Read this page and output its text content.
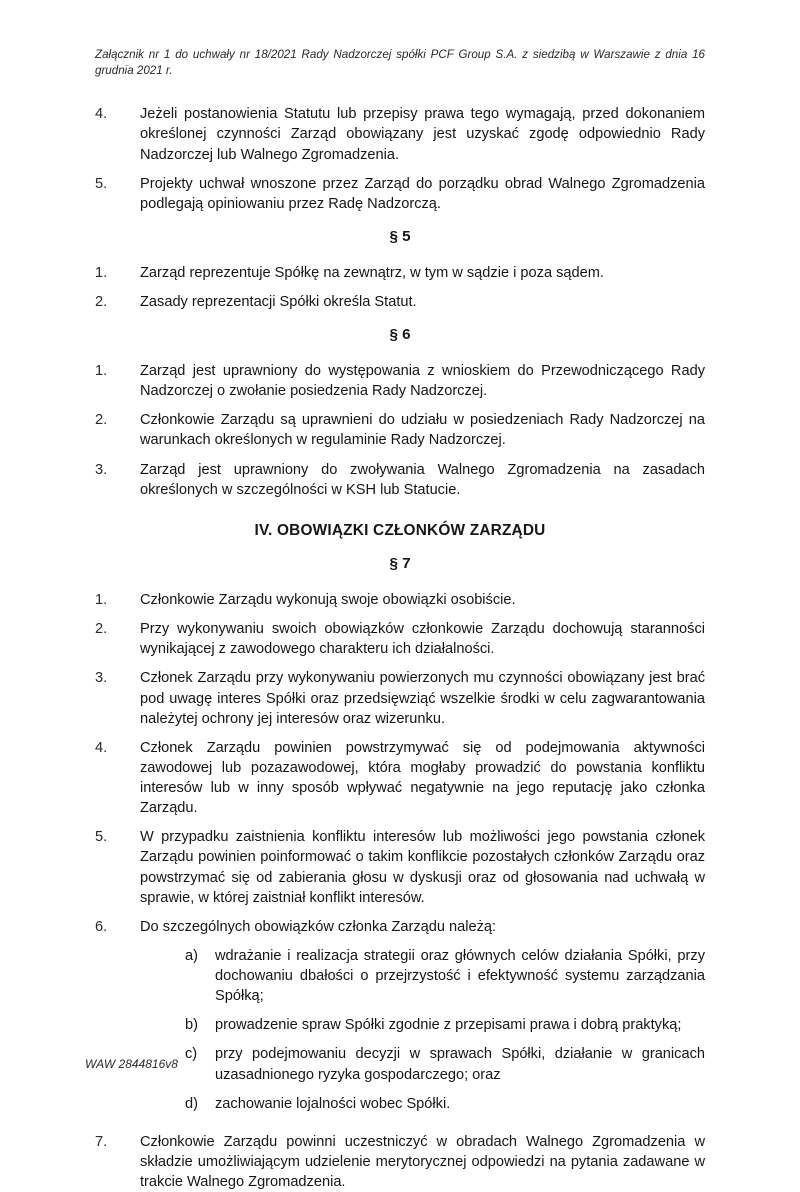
Załącznik nr 1 do uchwały nr 18/2021 Rady Nadzorczej spółki PCF Group S.A. z siedzibą w Warszawie z dnia 16 grudnia 2021 r.
4.	Jeżeli postanowienia Statutu lub przepisy prawa tego wymagają, przed dokonaniem określonej czynności Zarząd obowiązany jest uzyskać zgodę odpowiednio Rady Nadzorczej lub Walnego Zgromadzenia.
5.	Projekty uchwał wnoszone przez Zarząd do porządku obrad Walnego Zgromadzenia podlegają opiniowaniu przez Radę Nadzorczą.
§ 5
1.	Zarząd reprezentuje Spółkę na zewnątrz, w tym w sądzie i poza sądem.
2.	Zasady reprezentacji Spółki określa Statut.
§ 6
1.	Zarząd jest uprawniony do występowania z wnioskiem do Przewodniczącego Rady Nadzorczej o zwołanie posiedzenia Rady Nadzorczej.
2.	Członkowie Zarządu są uprawnieni do udziału w posiedzeniach Rady Nadzorczej na warunkach określonych w regulaminie Rady Nadzorczej.
3.	Zarząd jest uprawniony do zwoływania Walnego Zgromadzenia na zasadach określonych w szczególności w KSH lub Statucie.
IV. OBOWIĄZKI CZŁONKÓW ZARZĄDU
§ 7
1.	Członkowie Zarządu wykonują swoje obowiązki osobiście.
2.	Przy wykonywaniu swoich obowiązków członkowie Zarządu dochowują staranności wynikającej z zawodowego charakteru ich działalności.
3.	Członek Zarządu przy wykonywaniu powierzonych mu czynności obowiązany jest brać pod uwagę interes Spółki oraz przedsięwziąć wszelkie środki w celu zagwarantowania należytej ochrony jej interesów oraz wizerunku.
4.	Członek Zarządu powinien powstrzymywać się od podejmowania aktywności zawodowej lub pozazawodowej, która mogłaby prowadzić do powstania konfliktu interesów lub w inny sposób wpływać negatywnie na jego reputację jako członka Zarządu.
5.	W przypadku zaistnienia konfliktu interesów lub możliwości jego powstania członek Zarządu powinien poinformować o takim konflikcie pozostałych członków Zarządu oraz powstrzymać się od zabierania głosu w dyskusji oraz od głosowania nad uchwałą w sprawie, w której zaistniał konflikt interesów.
6.	Do szczególnych obowiązków członka Zarządu należą:
a)	wdrażanie i realizacja strategii oraz głównych celów działania Spółki, przy dochowaniu dbałości o przejrzystość i efektywność systemu zarządzania Spółką;
b)	prowadzenie spraw Spółki zgodnie z przepisami prawa i dobrą praktyką;
c)	przy podejmowaniu decyzji w sprawach Spółki, działanie w granicach uzasadnionego ryzyka gospodarczego; oraz
d)	zachowanie lojalności wobec Spółki.
7.	Członkowie Zarządu powinni uczestniczyć w obradach Walnego Zgromadzenia w składzie umożliwiającym udzielenie merytorycznej odpowiedzi na pytania zadawane w trakcie Walnego Zgromadzenia.
WAW 2844816v8
